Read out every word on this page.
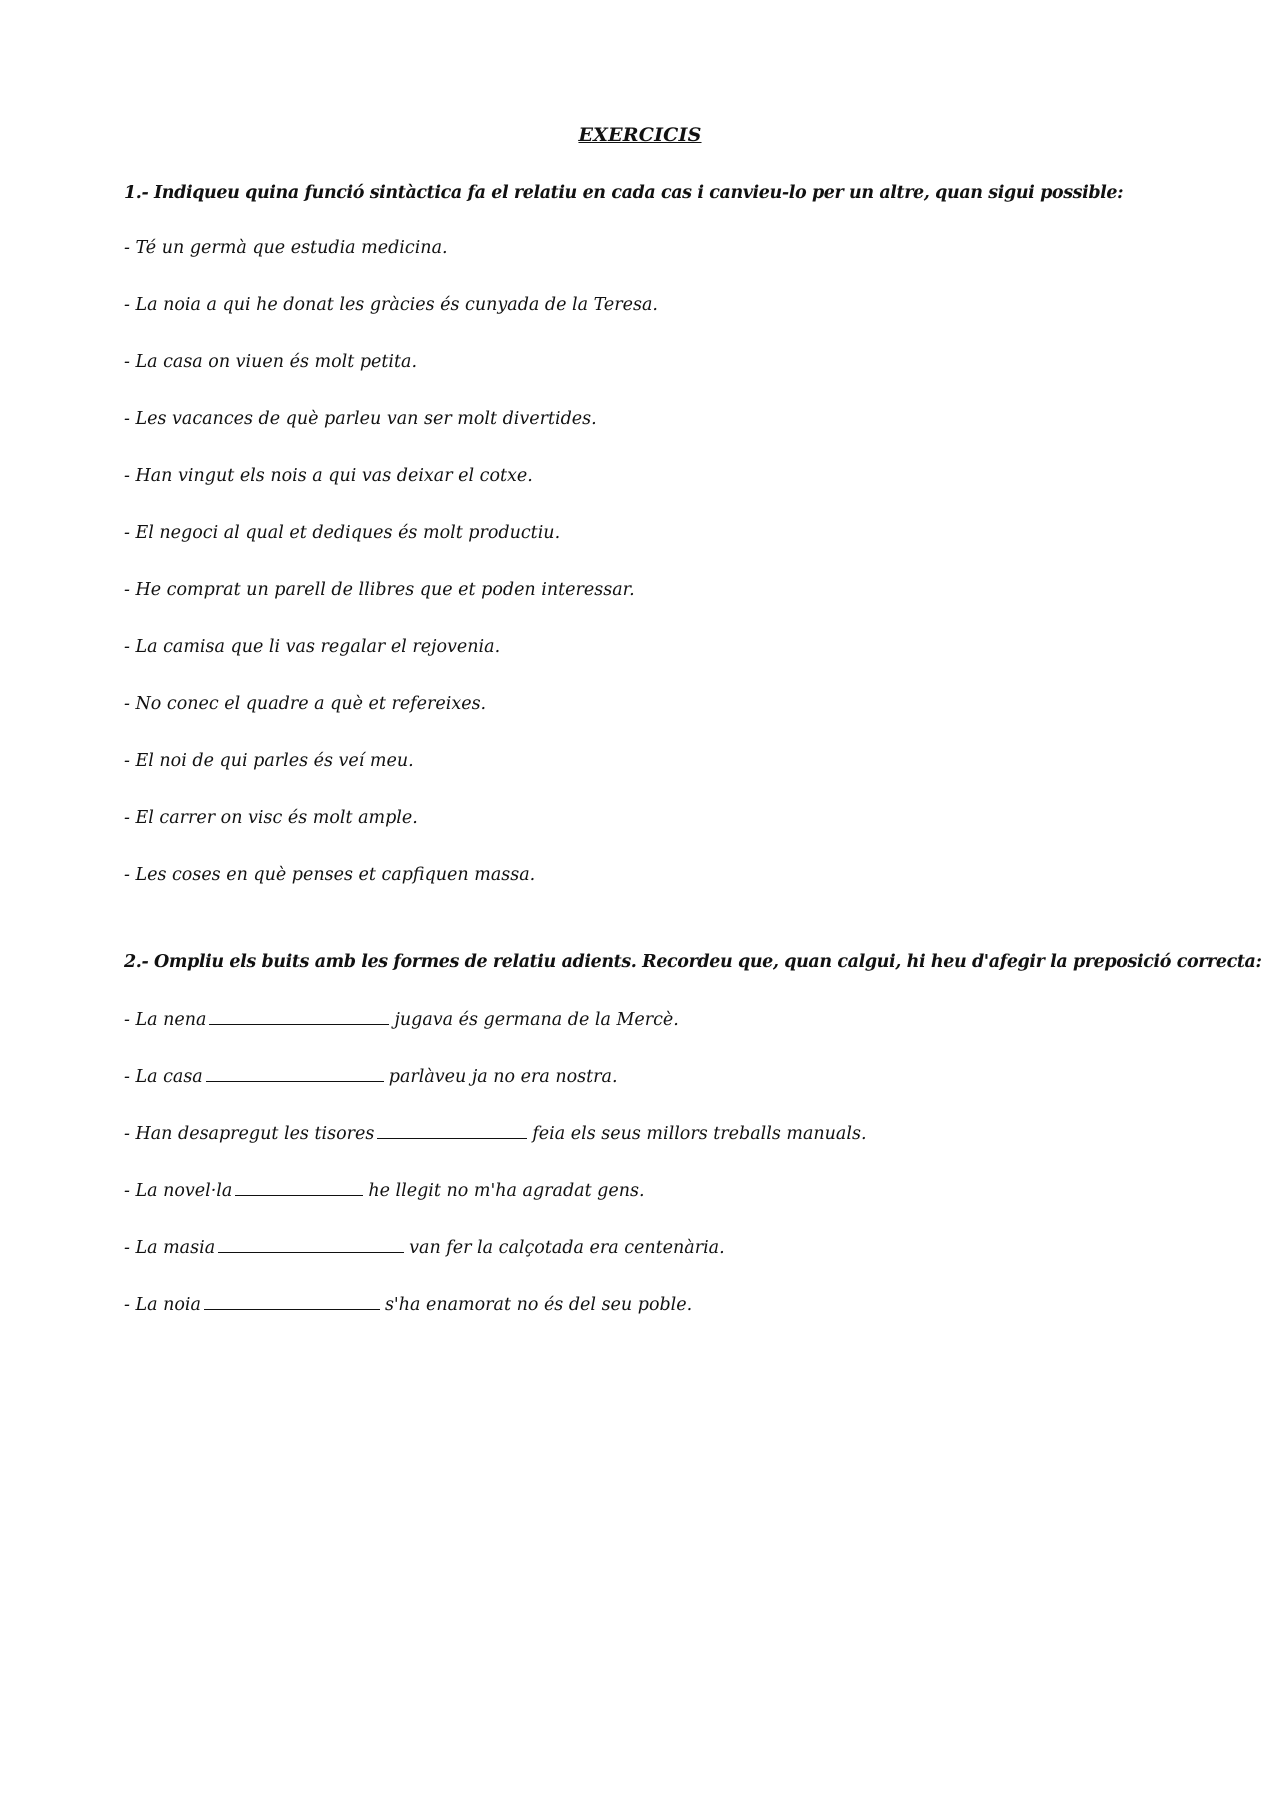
EXERCICIS
1.- Indiqueu quina funció sintàctica fa el relatiu en cada cas i canvieu-lo per un altre, quan sigui possible:
- Té un germà que estudia medicina.
- La noia a qui he donat les gràcies és cunyada de la Teresa.
- La casa on viuen és molt petita.
- Les vacances de què parleu van ser molt divertides.
- Han vingut els nois a qui vas deixar el cotxe.
- El negoci al qual et dediques és molt productiu.
- He comprat un parell de llibres que et poden interessar.
- La camisa que li vas regalar el rejovenia.
- No conec el quadre a què et refereixes.
- El noi de qui parles és veí meu.
- El carrer on visc és molt ample.
- Les coses en què penses et capfiquen massa.
2.- Ompliu els buits amb les formes de relatiu adients. Recordeu que, quan calgui, hi heu d'afegir la preposició correcta:
- La nena	jugava és germana de la Mercè.
- La casa	parlàveu ja no era nostra.
- Han desapregut les tisores	feia els seus millors treballs manuals.
- La novel·la	he llegit no m'ha agradat gens.
- La masia	van fer la calçotada era centenària.
- La noia	s'ha enamorat no és del seu poble.
